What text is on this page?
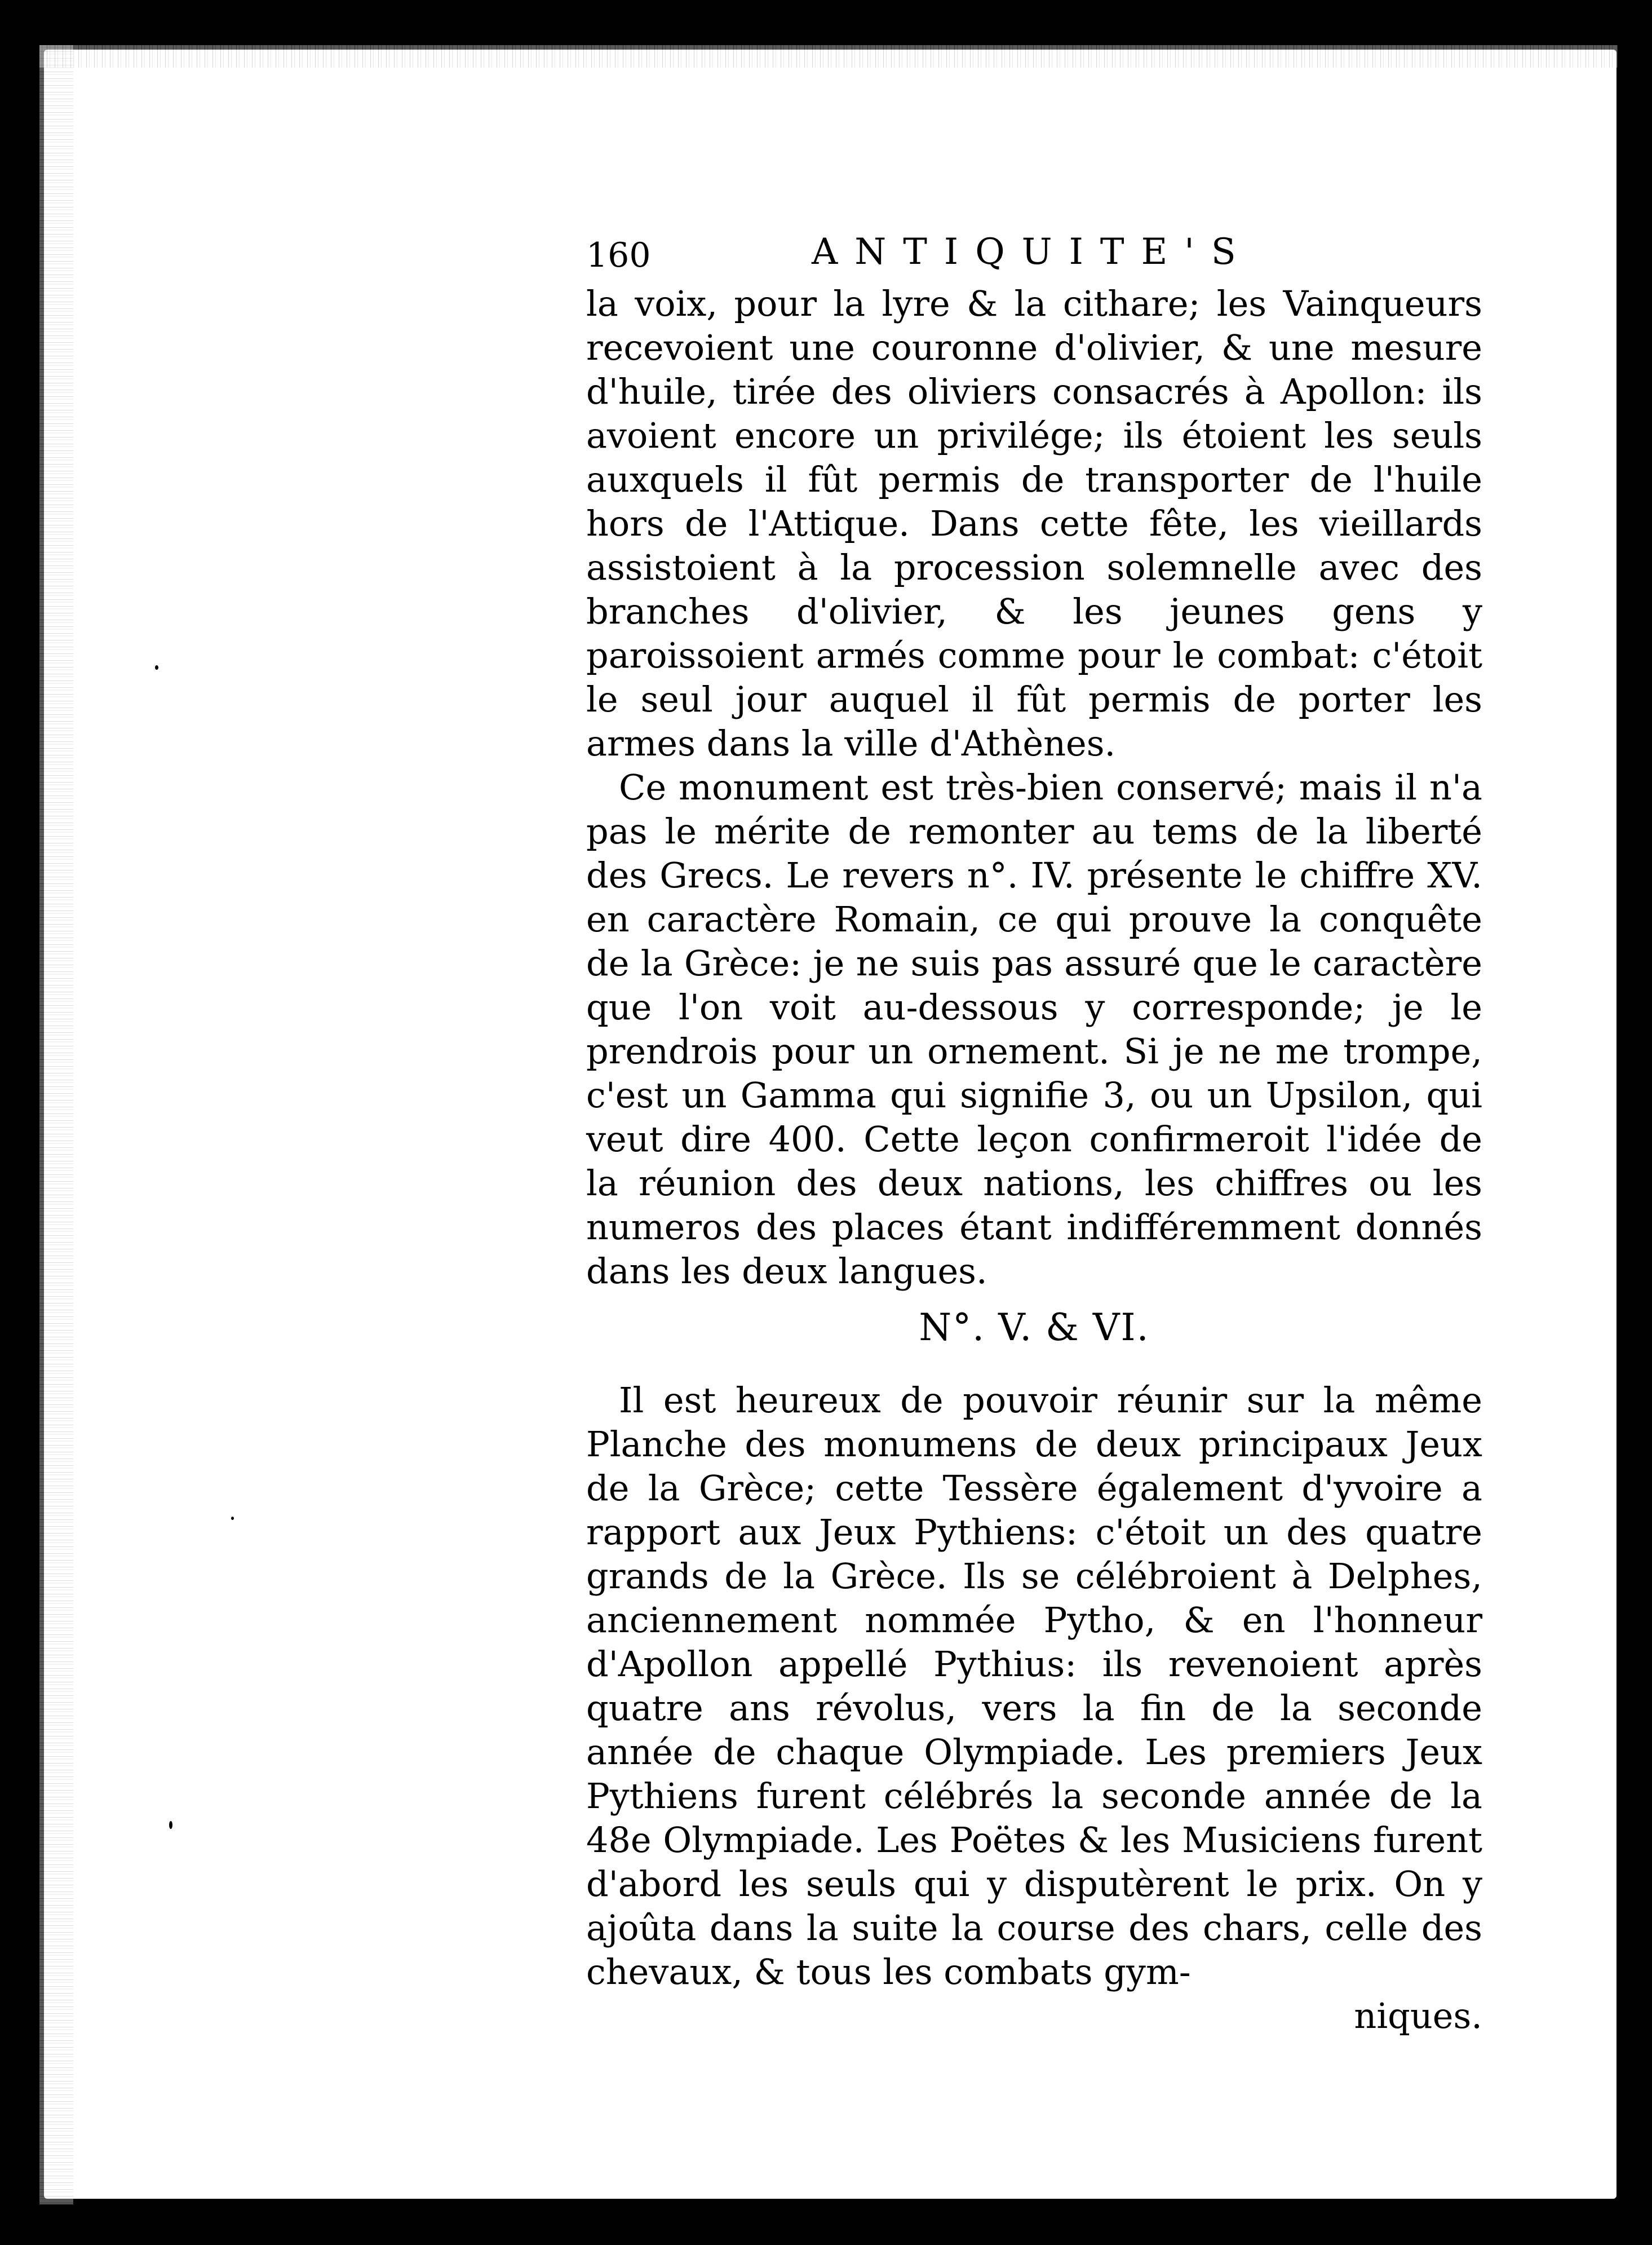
160	ANTIQUITE'S

la voix, pour la lyre & la cithare; les Vainqueurs recevoient une couronne d'olivier, & une mesure d'huile, tirée des oliviers consacrés à Apollon: ils avoient encore un privilége; ils étoient les seuls auxquels il fût permis de transporter de l'huile hors de l'Attique. Dans cette fête, les vieillards assistoient à la procession solemnelle avec des branches d'olivier, & les jeunes gens y paroissoient armés comme pour le combat: c'étoit le seul jour auquel il fût permis de porter les armes dans la ville d'Athènes.

Ce monument est très-bien conservé; mais il n'a pas le mérite de remonter au tems de la liberté des Grecs. Le revers n°. IV. présente le chiffre XV. en caractère Romain, ce qui prouve la conquête de la Grèce: je ne suis pas assuré que le caractère que l'on voit au-dessous y corresponde; je le prendrois pour un ornement. Si je ne me trompe, c'est un Gamma qui signifie 3, ou un Upsilon, qui veut dire 400. Cette leçon confirmeroit l'idée de la réunion des deux nations, les chiffres ou les numeros des places étant indifféremment donnés dans les deux langues.

N°. V. & VI.

Il est heureux de pouvoir réunir sur la même Planche des monumens de deux principaux Jeux de la Grèce; cette Tessère également d'yvoire a rapport aux Jeux Pythiens: c'étoit un des quatre grands de la Grèce. Ils se célébroient à Delphes, anciennement nommée Pytho, & en l'honneur d'Apollon appellé Pythius: ils revenoient après quatre ans révolus, vers la fin de la seconde année de chaque Olympiade. Les premiers Jeux Pythiens furent célébrés la seconde année de la 48e Olympiade. Les Poëtes & les Musiciens furent d'abord les seuls qui y disputèrent le prix. On y ajoûta dans la suite la course des chars, celle des chevaux, & tous les combats gym-

niques.
